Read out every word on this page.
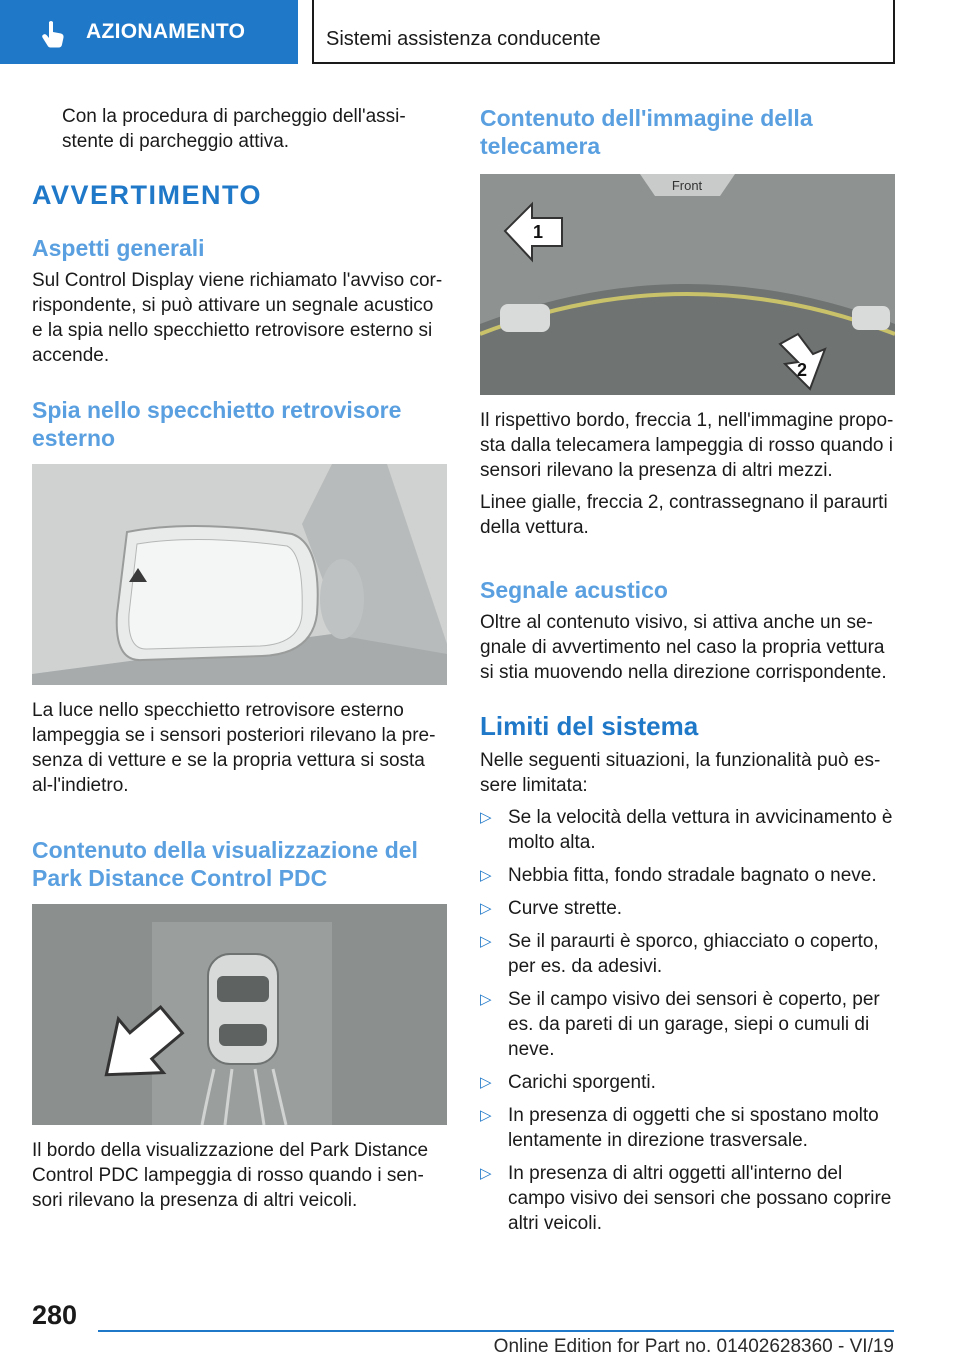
AZIONAMENTO	Sistemi assistenza conducente

Con la procedura di parcheggio dell'assi-stente di parcheggio attiva.

AVVERTIMENTO
Aspetti generali

Sul Control Display viene richiamato l'avviso cor-rispondente, si può attivare un segnale acustico e la spia nello specchietto retrovisore esterno si accende.

Spia nello specchietto retrovisore esterno

La luce nello specchietto retrovisore esterno lampeggia se i sensori posteriori rilevano la pre-senza di vetture e se la propria vettura si sosta al-l'indietro.

Contenuto della visualizzazione del Park Distance Control PDC

Il bordo della visualizzazione del Park Distance Control PDC lampeggia di rosso quando i sen-sori rilevano la presenza di altri veicoli.

Contenuto dell'immagine della telecamera
Front
1
2

Il rispettivo bordo, freccia 1, nell'immagine propo-sta dalla telecamera lampeggia di rosso quando i sensori rilevano la presenza di altri mezzi.

Linee gialle, freccia 2, contrassegnano il paraurti della vettura.

Segnale acustico

Oltre al contenuto visivo, si attiva anche un se-gnale di avvertimento nel caso la propria vettura si stia muovendo nella direzione corrispondente.

Limiti del sistema

Nelle seguenti situazioni, la funzionalità può es-sere limitata:

▷ Se la velocità della vettura in avvicinamento è molto alta.
▷ Nebbia fitta, fondo stradale bagnato o neve.
▷ Curve strette.
▷ Se il paraurti è sporco, ghiacciato o coperto, per es. da adesivi.
▷ Se il campo visivo dei sensori è coperto, per es. da pareti di un garage, siepi o cumuli di neve.
▷ Carichi sporgenti.
▷ In presenza di oggetti che si spostano molto lentamente in direzione trasversale.
▷ In presenza di altri oggetti all'interno del campo visivo dei sensori che possano coprire altri veicoli.
280
Online Edition for Part no. 01402628360 - VI/19
